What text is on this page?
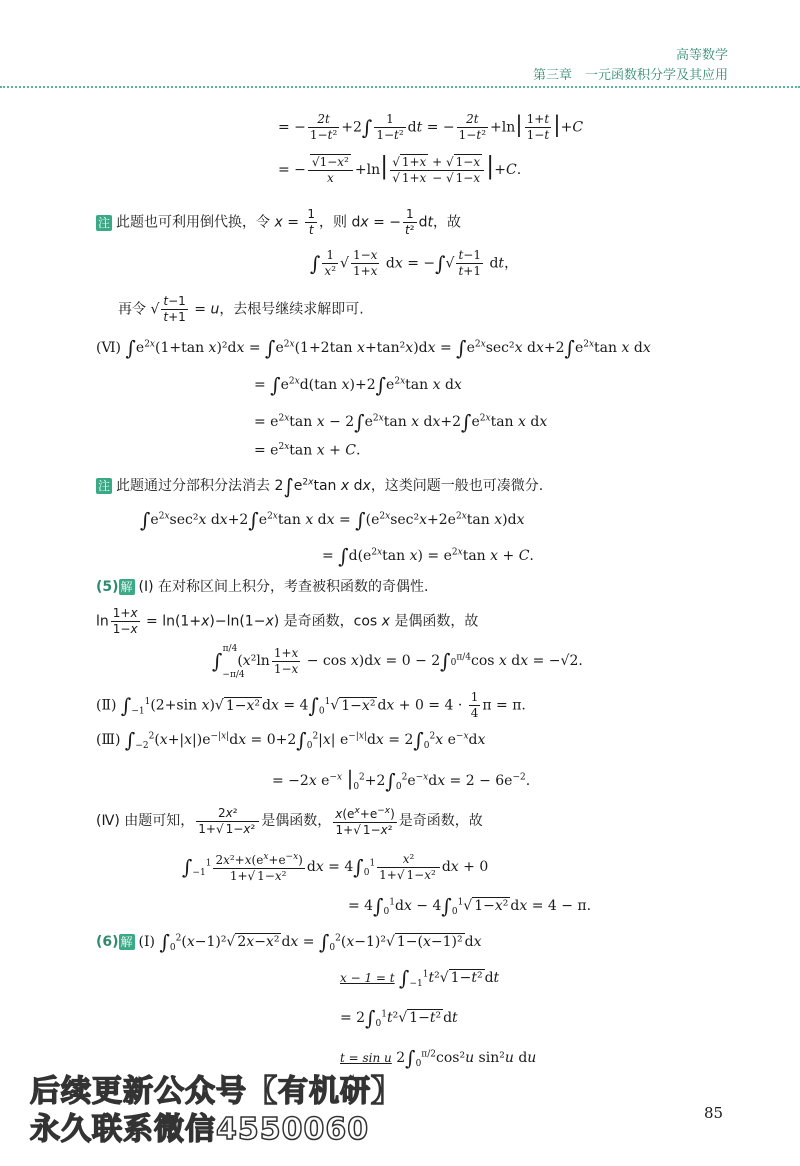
高等数学
第三章　一元函数积分学及其应用
= − $\frac{2t}{\text{1−t²}} +2\int \frac{1}{\text{1−t²}}$ dt = − $\frac{2t}{\text{1−t²}} +\ln| \frac{1+t}{1-t} |+C$
= − $\frac{\text{√1−x²}}{x} +\ln| \frac{√ 1+x + √ 1-x}{√ 1+x - √ 1-x} |+C$.
注 此题也可利用倒代换，令 $x = \frac{1}{t}$ ，则 dx = − $\frac{1}{\text{t²}}$ dt，故
∫ $\frac{1}{\text{x²}}$ √ $\frac{1-x}{1+x}$ dx = −∫√ $\frac{t-1}{t+1}$ dt，
再令 √ $\frac{t-1}{t+1} = u$，去根号继续求解即可.
(Ⅵ) $\int e^{2x}(1+\tan$ $x)^2dx = \int e^{2x}(1+2\tan$ $x+\tan^2x)dx = \int e^{2x}\sec^2x$ $dx+2\int e^{2x}\tan$ x dx
= $\int e^{2x}d(\tan$ $x)+2\int e^{2x}\tan$ x dx
= $e^{2x}\tan$ $x - 2\int e^{2x}\tan$ x $dx+2\int e^{2x}\tan$ x dx
= $e^{2x}\tan$ x + C.
注 此题通过分部积分法消去 $2\int e^{2x}\tan$ x dx，这类问题一般也可凑微分.
$\int e^{2x}\sec^2x$ $dx+2\int e^{2x}\tan$ x dx = $\int(e^{2x}\sec^2x+2e^{2x}\tan$ x)dx
= $\int d(e^{2x}\tan$ $x) = e^{2x}\tan$ x + C.
(5) 解 (Ⅰ) 在对称区间上积分，考查被积函数的奇偶性.
$\ln \frac{1+x}{1-x} = \ln(1+x)-\ln(1-x)$ 是奇函数，cos x 是偶函数，故
$\int_{-\pi/4}^{\pi/4}(x^2\ln \frac{1+x}{1-x} - \cos x)dx = 0 - 2\int 0^{\pi/4}\cos$ x dx = −√2.
(Ⅱ) $\int_{-1}^1(2+\sin$ x)√ 1−x² dx = $4\int_0^1√$ 1−x² dx + $0 = 4 \cdot \frac{1}{4}$ π = π.
(Ⅲ) $\int_{-2}^2(x+|x|)e^{-|x|}dx = 0+2\int_0^2|x|$ $e^{-|x|}dx = 2\int_0^2x$ $e^{-x}dx$
= −2x $e^{-x}$ $|_0^2+2\int_0^2e^{-x}dx = 2 - 6e^{-2}$.
(Ⅳ) 由题可知， $\frac{\text{2x²}}{\text{1+√ 1−x²}}$ 是偶函数， $\frac{x(e^x+e^{-x})}{\text{1+√ 1−x²}}$ 是奇函数，故
$\int_{-1}^1 \frac{2x^2+x(e^x+e^{-x})}{\text{1+√ 1−x²}}$ dx = $4\int_0^1 \frac{\text{x²}}{\text{1+√ 1−x²}}$ dx + 0
= $4\int_0^1dx - 4\int_0^1√$ 1−x² dx = 4 − π.
(6) 解 (Ⅰ) $\int_0^2(x-1)^2√$ 2x−x² dx = $\int_0^2(x-1)^2√$ 1−(x−1)² dx
x − 1 = t $\int_{-1}^1t^2√$ 1−t² dt
= $2\int_0^1t^2√$ 1−t² dt
t = sin u $2\int_0^{\pi/2}\cos^2u$ sin²u du
后续更新公众号【有机研】
永久联系微信4550060	85
